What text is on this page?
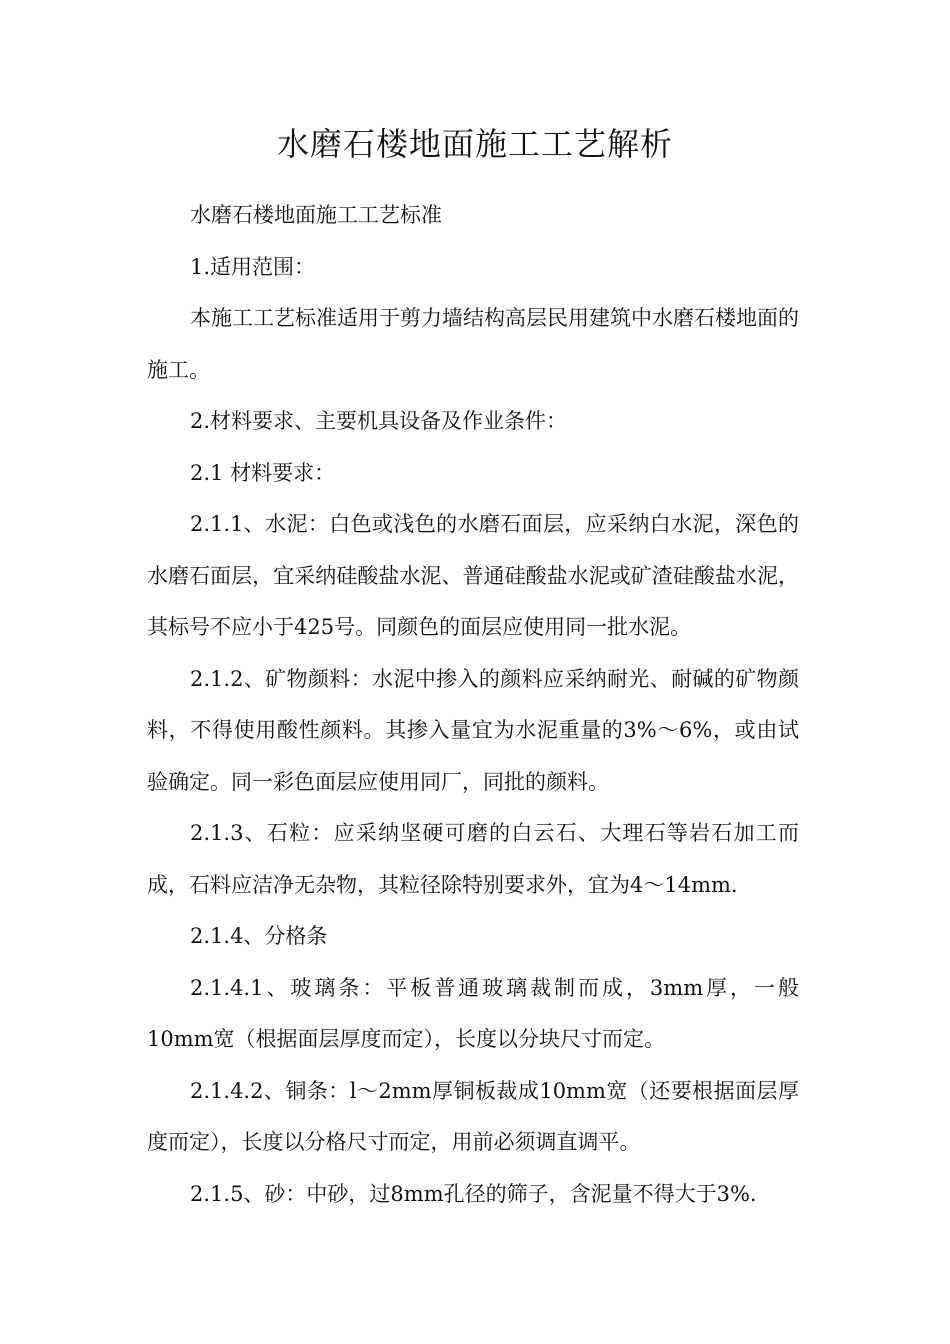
水磨石楼地面施工工艺解析

水磨石楼地面施工工艺标准

1.适用范围：

本施工工艺标准适用于剪力墙结构高层民用建筑中水磨石楼地面的施工。

2.材料要求、主要机具设备及作业条件：

2.1 材料要求：

2.1.1、水泥：白色或浅色的水磨石面层，应采纳白水泥，深色的水磨石面层，宜采纳硅酸盐水泥、普通硅酸盐水泥或矿渣硅酸盐水泥，其标号不应小于425号。同颜色的面层应使用同一批水泥。

2.1.2、矿物颜料：水泥中掺入的颜料应采纳耐光、耐碱的矿物颜料，不得使用酸性颜料。其掺入量宜为水泥重量的3%～6%，或由试验确定。同一彩色面层应使用同厂，同批的颜料。

2.1.3、石粒：应采纳坚硬可磨的白云石、大理石等岩石加工而成，石料应洁净无杂物，其粒径除特别要求外，宜为4～14mm.

2.1.4、分格条

2.1.4.1、玻璃条：平板普通玻璃裁制而成，3mm厚，一般10mm宽（根据面层厚度而定），长度以分块尺寸而定。

2.1.4.2、铜条：l～2mm厚铜板裁成10mm宽（还要根据面层厚度而定），长度以分格尺寸而定，用前必须调直调平。

2.1.5、砂：中砂，过8mm孔径的筛子，含泥量不得大于3%.
